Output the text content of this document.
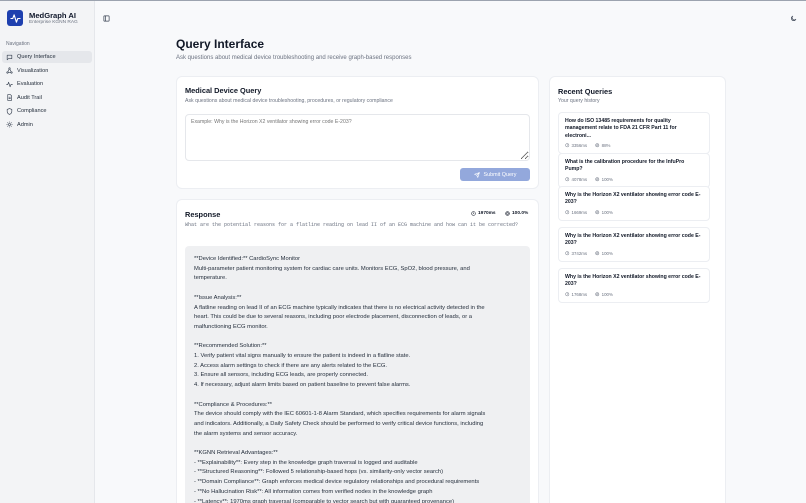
MedGraph AI
Enterprise KGNN RAG
Navigation
Query Interface
Visualization
Evaluation
Audit Trail
Compliance
Admin
Query Interface

Ask questions about medical device troubleshooting and receive graph-based responses

Medical Device Query
Ask questions about medical device troubleshooting, procedures, or regulatory compliance
Example: Why is the Horizon X2 ventilator showing error code E-203?
Submit Query
Response	1970ms	100.0%
What are the potential reasons for a flatline reading on lead II of an ECG machine and how can it be corrected?
**Device Identified:** CardioSync Monitor
Multi-parameter patient monitoring system for cardiac care units. Monitors ECG, SpO2, blood pressure, and
temperature.
**Issue Analysis:**
A flatline reading on lead II of an ECG machine typically indicates that there is no electrical activity detected in the
heart. This could be due to several reasons, including poor electrode placement, disconnection of leads, or a
malfunctioning ECG monitor.
**Recommended Solution:**
1. Verify patient vital signs manually to ensure the patient is indeed in a flatline state.
2. Access alarm settings to check if there are any alerts related to the ECG.
3. Ensure all sensors, including ECG leads, are properly connected.
4. If necessary, adjust alarm limits based on patient baseline to prevent false alarms.
**Compliance & Procedures:**
The device should comply with the IEC 60601-1-8 Alarm Standard, which specifies requirements for alarm signals
and indicators. Additionally, a Daily Safety Check should be performed to verify critical device functions, including
the alarm systems and sensor accuracy.
**KGNN Retrieval Advantages:**
- **Explainability**: Every step in the knowledge graph traversal is logged and auditable
- **Structured Reasoning**: Followed 5 relationship-based hops (vs. similarity-only vector search)
- **Domain Compliance**: Graph enforces medical device regulatory relationships and procedural requirements
- **No Hallucination Risk**: All information comes from verified nodes in the knowledge graph
- **Latency**: 1970ms graph traversal (comparable to vector search but with guaranteed provenance)
Recent Queries
Your query history
How do ISO 13485 requirements for quality management relate to FDA 21 CFR Part 11 for electroni...
3356ms	88%
What is the calibration procedure for the InfuPro Pump?
4078ms	100%
Why is the Horizon X2 ventilator showing error code E-203?
1669ms	100%
Why is the Horizon X2 ventilator showing error code E-203?
3742ms	100%
Why is the Horizon X2 ventilator showing error code E-203?
1768ms	100%
